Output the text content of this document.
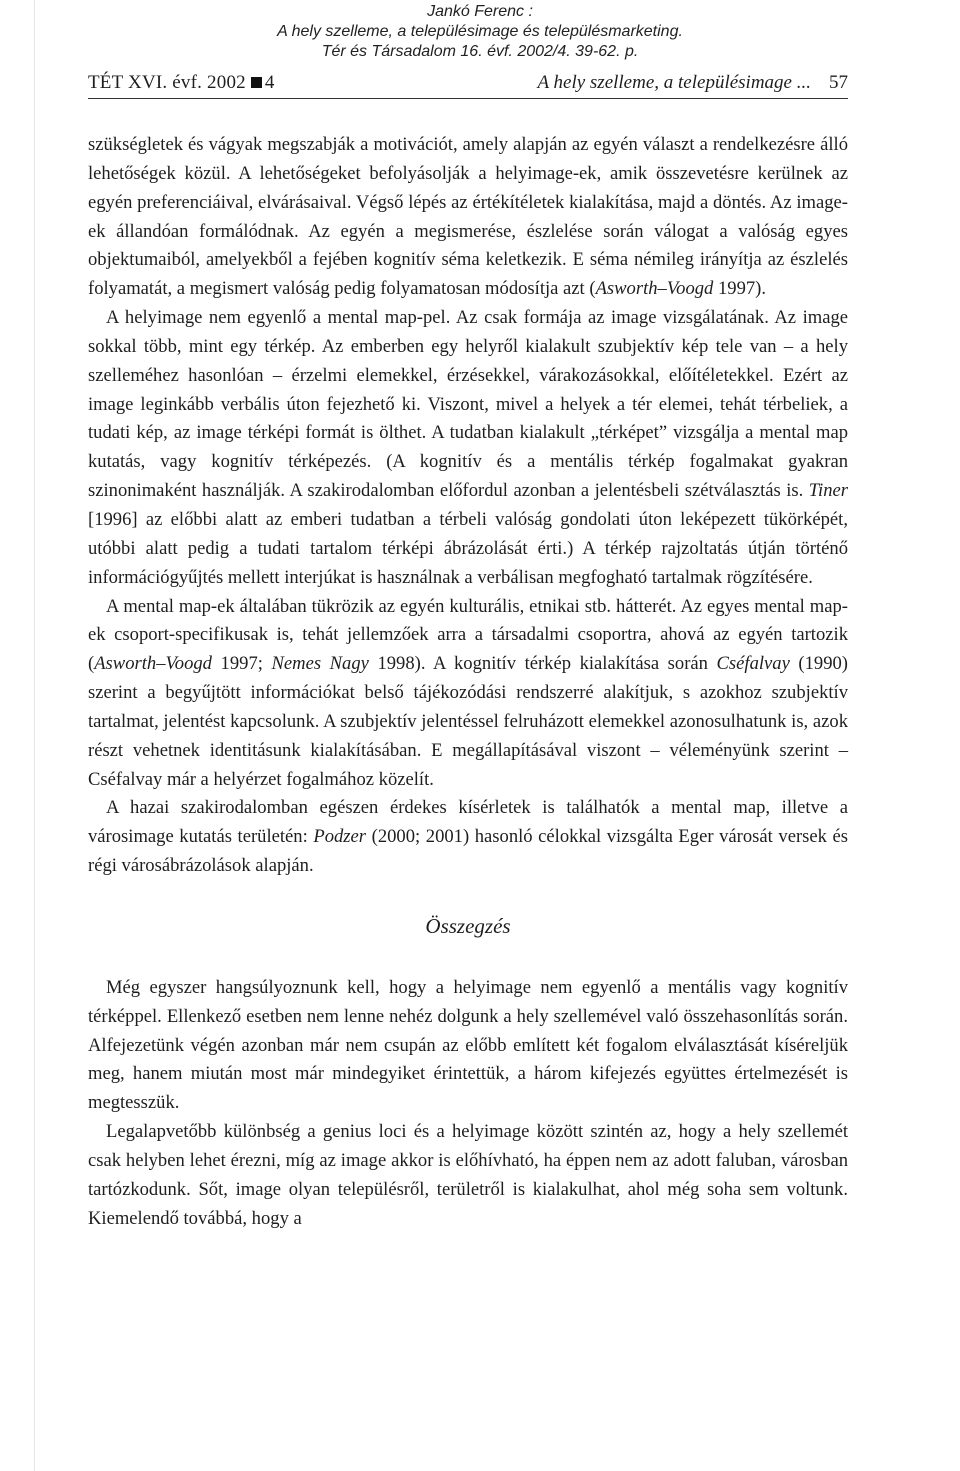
Jankó Ferenc :
A hely szelleme, a településimage és településmarketing.
Tér és Társadalom 16. évf. 2002/4. 39-62. p.
TÉT XVI. évf. 2002 4	A hely szelleme, a településimage ... 57

szükségletek és vágyak megszabják a motivációt, amely alapján az egyén választ a rendelkezésre álló lehetőségek közül. A lehetőségeket befolyásolják a helyimage-ek, amik összevetésre kerülnek az egyén preferenciáival, elvárásaival. Végső lépés az értékítéletek kialakítása, majd a döntés. Az image-ek állandóan formálódnak. Az egyén a megismerése, észlelése során válogat a valóság egyes objektumaiból, amelyekből a fejében kognitív séma keletkezik. E séma némileg irányítja az észlelés folyamatát, a megismert valóság pedig folyamatosan módosítja azt (Asworth–Voogd 1997).

A helyimage nem egyenlő a mental map-pel. Az csak formája az image vizsgálatának. Az image sokkal több, mint egy térkép. Az emberben egy helyről kialakult szubjektív kép tele van – a hely szelleméhez hasonlóan – érzelmi elemekkel, érzésekkel, várakozásokkal, előítéletekkel. Ezért az image leginkább verbális úton fejezhető ki. Viszont, mivel a helyek a tér elemei, tehát térbeliek, a tudati kép, az image térképi formát is ölthet. A tudatban kialakult „térképet” vizsgálja a mental map kutatás, vagy kognitív térképezés. (A kognitív és a mentális térkép fogalmakat gyakran szinonimaként használják. A szakirodalomban előfordul azonban a jelentésbeli szétválasztás is. Tiner [1996] az előbbi alatt az emberi tudatban a térbeli valóság gondolati úton leképezett tükörképét, utóbbi alatt pedig a tudati tartalom térképi ábrázolását érti.) A térkép rajzoltatás útján történő információgyűjtés mellett interjúkat is használnak a verbálisan megfogható tartalmak rögzítésére.

A mental map-ek általában tükrözik az egyén kulturális, etnikai stb. hátterét. Az egyes mental map-ek csoport-specifikusak is, tehát jellemzőek arra a társadalmi csoportra, ahová az egyén tartozik (Asworth–Voogd 1997; Nemes Nagy 1998). A kognitív térkép kialakítása során Cséfalvay (1990) szerint a begyűjtött információkat belső tájékozódási rendszerré alakítjuk, s azokhoz szubjektív tartalmat, jelentést kapcsolunk. A szubjektív jelentéssel felruházott elemekkel azonosulhatunk is, azok részt vehetnek identitásunk kialakításában. E megállapításával viszont – véleményünk szerint – Cséfalvay már a helyérzet fogalmához közelít.

A hazai szakirodalomban egészen érdekes kísérletek is találhatók a mental map, illetve a városimage kutatás területén: Podzer (2000; 2001) hasonló célokkal vizsgálta Eger városát versek és régi városábrázolások alapján.

Összegzés

Még egyszer hangsúlyoznunk kell, hogy a helyimage nem egyenlő a mentális vagy kognitív térképpel. Ellenkező esetben nem lenne nehéz dolgunk a hely szellemével való összehasonlítás során. Alfejezetünk végén azonban már nem csupán az előbb említett két fogalom elválasztását kíséreljük meg, hanem miután most már mindegyiket érintettük, a három kifejezés együttes értelmezését is megtesszük.

Legalapvetőbb különbség a genius loci és a helyimage között szintén az, hogy a hely szellemét csak helyben lehet érezni, míg az image akkor is előhívható, ha éppen nem az adott faluban, városban tartózkodunk. Sőt, image olyan településről, területről is kialakulhat, ahol még soha sem voltunk. Kiemelendő továbbá, hogy a
